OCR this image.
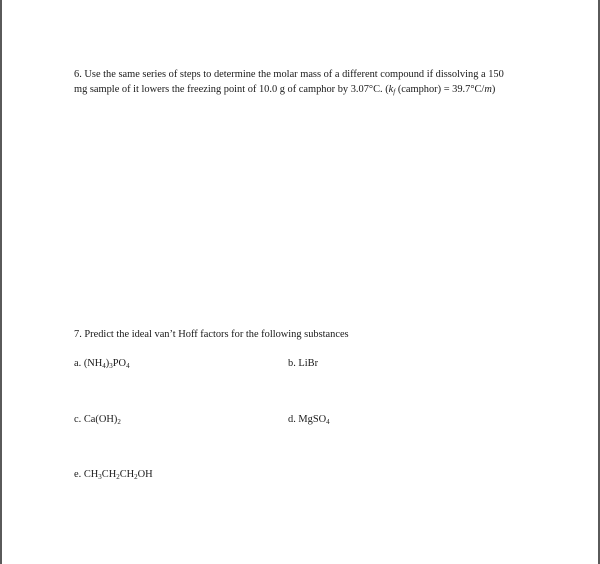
6. Use the same series of steps to determine the molar mass of a different compound if dissolving a 150
mg sample of it lowers the freezing point of 10.0 g of camphor by 3.07°C. ($k_f$ (camphor) = 39.7°C/m)
7. Predict the ideal van’t Hoff factors for the following substances
a. $(NH_4)_3PO_4$	b. LiBr
c. $Ca(OH)_2$	d. MgSO$_4$
e. $CH_3CH_2CH_2OH$
